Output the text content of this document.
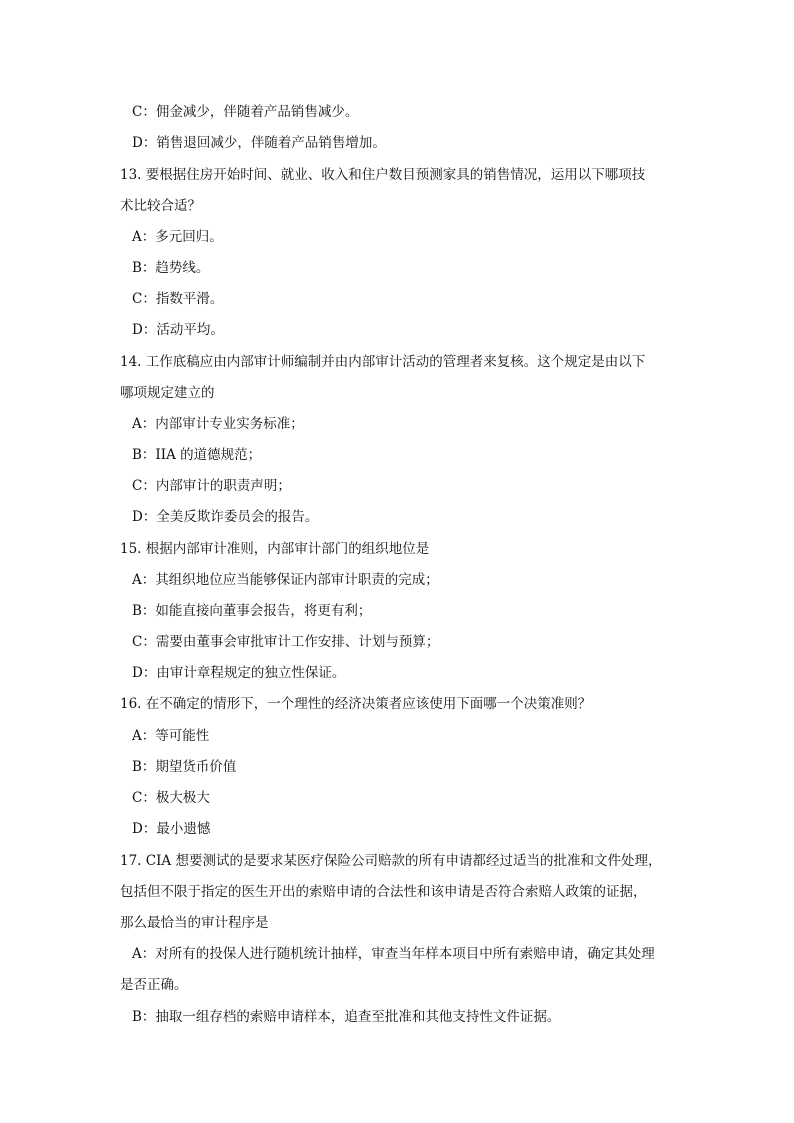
C：佣金减少，伴随着产品销售减少。
D：销售退回减少，伴随着产品销售增加。
13. 要根据住房开始时间、就业、收入和住户数目预测家具的销售情况，运用以下哪项技
术比较合适？
A：多元回归。
B：趋势线。
C：指数平滑。
D：活动平均。
14. 工作底稿应由内部审计师编制并由内部审计活动的管理者来复核。这个规定是由以下
哪项规定建立的
A：内部审计专业实务标准；
B：IIA 的道德规范；
C：内部审计的职责声明；
D：全美反欺诈委员会的报告。
15. 根据内部审计准则，内部审计部门的组织地位是
A：其组织地位应当能够保证内部审计职责的完成；
B：如能直接向董事会报告，将更有利；
C：需要由董事会审批审计工作安排、计划与预算；
D：由审计章程规定的独立性保证。
16. 在不确定的情形下，一个理性的经济决策者应该使用下面哪一个决策准则？
A：等可能性
B：期望货币价值
C：极大极大
D：最小遗憾
17. CIA 想要测试的是要求某医疗保险公司赔款的所有申请都经过适当的批准和文件处理，
包括但不限于指定的医生开出的索赔申请的合法性和该申请是否符合索赔人政策的证据，
那么最恰当的审计程序是
A：对所有的投保人进行随机统计抽样，审查当年样本项目中所有索赔申请，确定其处理
是否正确。
B：抽取一组存档的索赔申请样本，追查至批准和其他支持性文件证据。
